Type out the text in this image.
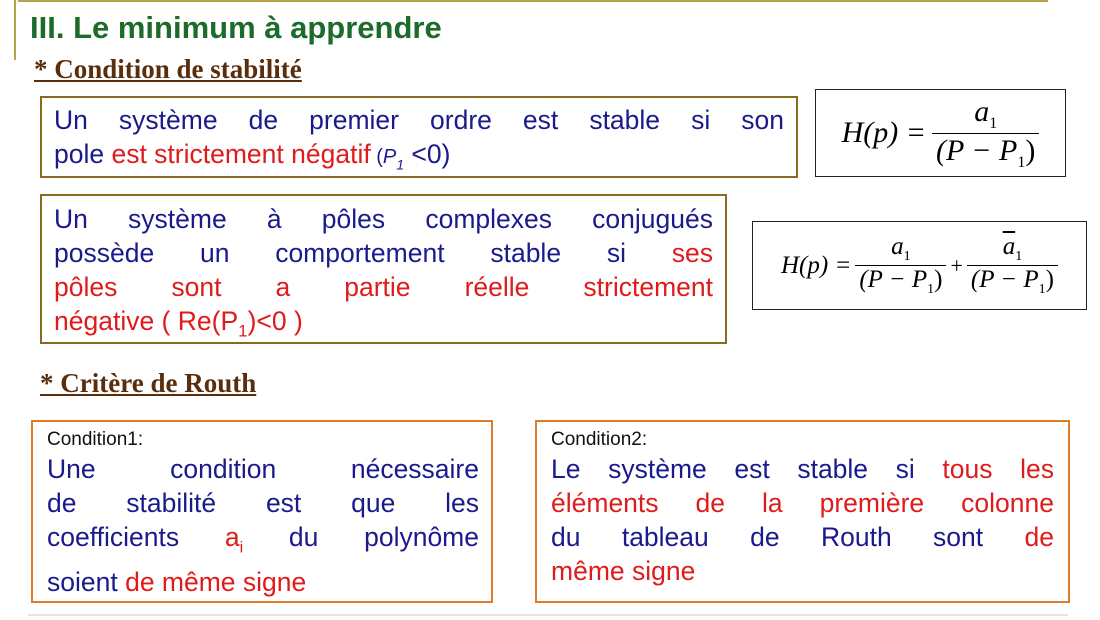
III. Le minimum à apprendre
* Condition de stabilité
Un système de premier ordre est stable si son
pole est strictement négatif $(P_1 <0)$
$H(p) = \frac{a_1}{(P - P_1)}$
Un système à pôles complexes conjugués
possède un comportement stable si ses
pôles sont a partie réelle strictement
négative ( $Re(P_1)<0$ )
$H(p) = \frac{a_1}{(P - P_1)} + \frac{\overline{a}_1}{(P - P_1)}$
* Critère de Routh
Condition1:
Une condition nécessaire
de stabilité est que les
coefficients $a_i$ du polynôme
soient de même signe
Condition2:
Le système est stable si tous les
éléments de la première colonne
du tableau de Routh sont de
même signe
